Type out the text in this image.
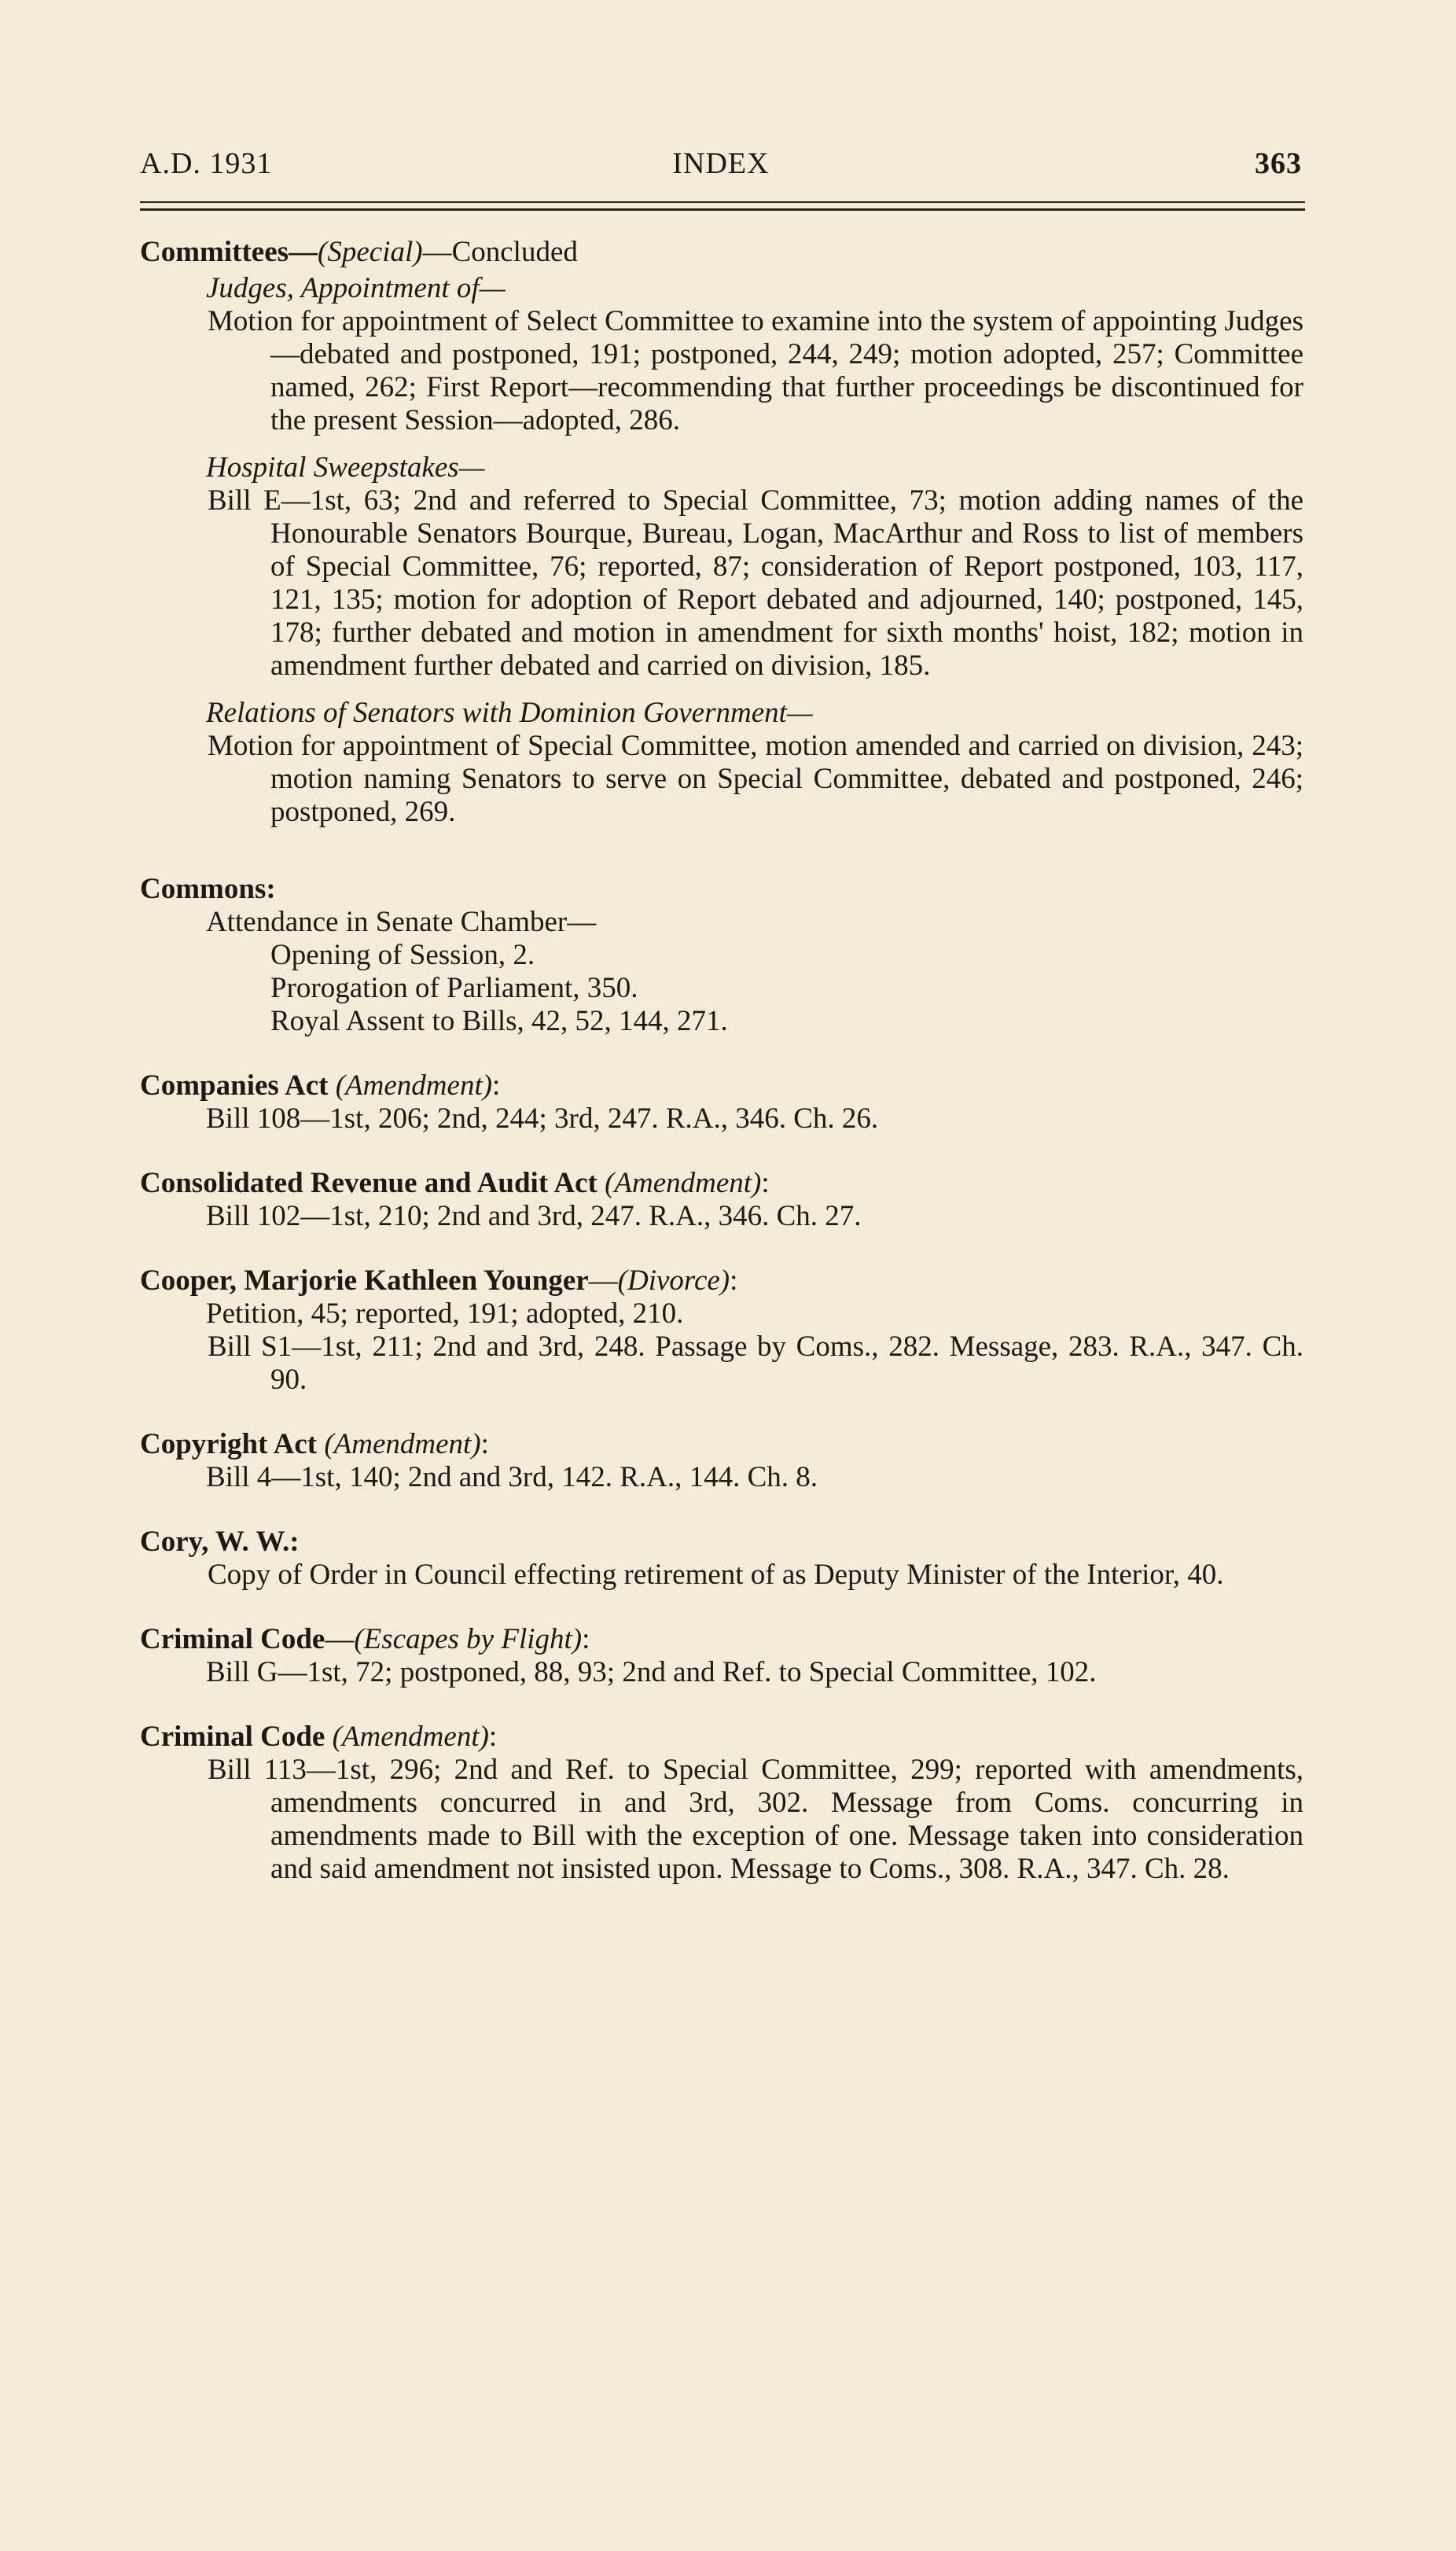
A.D. 1931	INDEX	363

Committees—(Special)—Concluded

Judges, Appointment of—

Motion for appointment of Select Committee to examine into the system of appointing Judges—debated and postponed, 191; postponed, 244, 249; motion adopted, 257; Committee named, 262; First Report—recommending that further proceedings be discontinued for the present Session—adopted, 286.

Hospital Sweepstakes—

Bill E—1st, 63; 2nd and referred to Special Committee, 73; motion adding names of the Honourable Senators Bourque, Bureau, Logan, MacArthur and Ross to list of members of Special Committee, 76; reported, 87; consideration of Report postponed, 103, 117, 121, 135; motion for adoption of Report debated and adjourned, 140; postponed, 145, 178; further debated and motion in amendment for sixth months' hoist, 182; motion in amendment further debated and carried on division, 185.

Relations of Senators with Dominion Government—

Motion for appointment of Special Committee, motion amended and carried on division, 243; motion naming Senators to serve on Special Committee, debated and postponed, 246; postponed, 269.

Commons:

Attendance in Senate Chamber—

Opening of Session, 2.

Prorogation of Parliament, 350.

Royal Assent to Bills, 42, 52, 144, 271.

Companies Act (Amendment):

Bill 108—1st, 206; 2nd, 244; 3rd, 247. R.A., 346. Ch. 26.

Consolidated Revenue and Audit Act (Amendment):

Bill 102—1st, 210; 2nd and 3rd, 247. R.A., 346. Ch. 27.

Cooper, Marjorie Kathleen Younger—(Divorce):

Petition, 45; reported, 191; adopted, 210.

Bill S1—1st, 211; 2nd and 3rd, 248. Passage by Coms., 282. Message, 283. R.A., 347. Ch. 90.

Copyright Act (Amendment):

Bill 4—1st, 140; 2nd and 3rd, 142. R.A., 144. Ch. 8.

Cory, W. W.:

Copy of Order in Council effecting retirement of as Deputy Minister of the Interior, 40.

Criminal Code—(Escapes by Flight):

Bill G—1st, 72; postponed, 88, 93; 2nd and Ref. to Special Committee, 102.

Criminal Code (Amendment):

Bill 113—1st, 296; 2nd and Ref. to Special Committee, 299; reported with amendments, amendments concurred in and 3rd, 302. Message from Coms. concurring in amendments made to Bill with the exception of one. Message taken into consideration and said amendment not insisted upon. Message to Coms., 308. R.A., 347. Ch. 28.
